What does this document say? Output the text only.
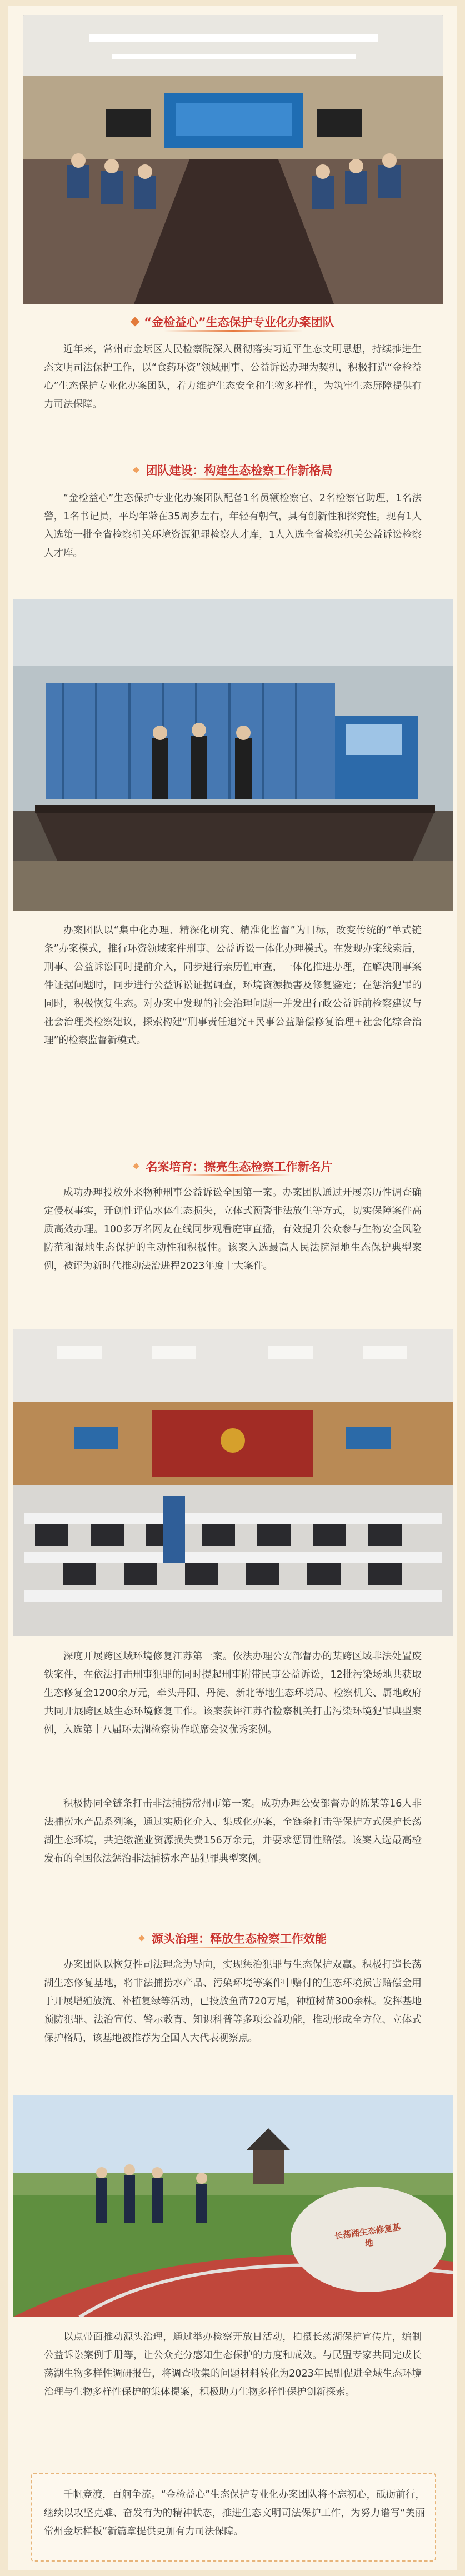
“金检益心”生态保护专业化办案团队

近年来，常州市金坛区人民检察院深入贯彻落实习近平生态文明思想，持续推进生态文明司法保护工作，以“食药环资”领域刑事、公益诉讼办理为契机，积极打造“金检益心”生态保护专业化办案团队，着力维护生态安全和生物多样性，为筑牢生态屏障提供有力司法保障。

团队建设：构建生态检察工作新格局

“金检益心”生态保护专业化办案团队配备1名员额检察官、2名检察官助理，1名法警，1名书记员，平均年龄在35周岁左右，年轻有朝气，具有创新性和探究性。现有1人入选第一批全省检察机关环境资源犯罪检察人才库，1人入选全省检察机关公益诉讼检察人才库。

办案团队以“集中化办理、精深化研究、精准化监督”为目标，改变传统的“单式链条”办案模式，推行环资领域案件刑事、公益诉讼一体化办理模式。在发现办案线索后，刑事、公益诉讼同时提前介入，同步进行亲历性审查，一体化推进办理，在解决刑事案件证据问题时，同步进行公益诉讼证据调查，环境资源损害及修复鉴定；在惩治犯罪的同时，积极恢复生态。对办案中发现的社会治理问题一并发出行政公益诉前检察建议与社会治理类检察建议，探索构建“刑事责任追究+民事公益赔偿修复治理+社会化综合治理”的检察监督新模式。

名案培育：擦亮生态检察工作新名片

成功办理投放外来物种刑事公益诉讼全国第一案。办案团队通过开展亲历性调查确定侵权事实，开创性评估水体生态损失，立体式预警非法放生等方式，切实保障案件高质高效办理。100多万名网友在线同步观看庭审直播，有效提升公众参与生物安全风险防范和湿地生态保护的主动性和积极性。该案入选最高人民法院湿地生态保护典型案例，被评为新时代推动法治进程2023年度十大案件。

深度开展跨区域环境修复江苏第一案。依法办理公安部督办的某跨区域非法处置废铁案件，在依法打击刑事犯罪的同时提起刑事附带民事公益诉讼，12批污染场地共获取生态修复金1200余万元，牵头丹阳、丹徒、新北等地生态环境局、检察机关、属地政府共同开展跨区域生态环境修复工作。该案获评江苏省检察机关打击污染环境犯罪典型案例，入选第十八届环太湖检察协作联席会议优秀案例。

积极协同全链条打击非法捕捞常州市第一案。成功办理公安部督办的陈某等16人非法捕捞水产品系列案，通过实质化介入、集成化办案，全链条打击等保护方式保护长荡湖生态环境，共追缴渔业资源损失费156万余元，并要求惩罚性赔偿。该案入选最高检发布的全国依法惩治非法捕捞水产品犯罪典型案例。

源头治理：释放生态检察工作效能

办案团队以恢复性司法理念为导向，实现惩治犯罪与生态保护双赢。积极打造长荡湖生态修复基地，将非法捕捞水产品、污染环境等案件中赔付的生态环境损害赔偿金用于开展增殖放流、补植复绿等活动，已投放鱼苗720万尾，种植树苗300余株。发挥基地预防犯罪、法治宣传、警示教育、知识科普等多项公益功能，推动形成全方位、立体式保护格局，该基地被推荐为全国人大代表视察点。

长荡湖生态修复基地

以点带面推动源头治理，通过举办检察开放日活动，拍摄长荡湖保护宣传片，编制公益诉讼案例手册等，让公众充分感知生态保护的力度和成效。与民盟专家共同完成长荡湖生物多样性调研报告，将调查收集的问题材料转化为2023年民盟促进全域生态环境治理与生物多样性保护的集体提案，积极助力生物多样性保护创新探索。

千帆竞渡，百舸争流。“金检益心”生态保护专业化办案团队将不忘初心，砥砺前行，继续以攻坚克难、奋发有为的精神状态，推进生态文明司法保护工作，为努力谱写“美丽常州金坛样板”新篇章提供更加有力司法保障。
